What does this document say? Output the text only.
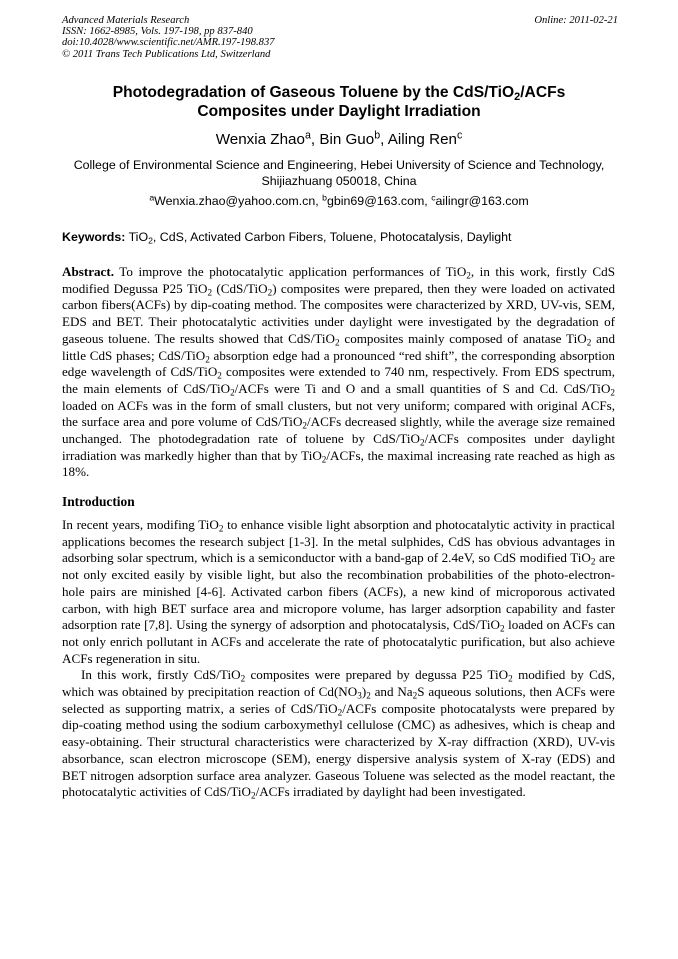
Advanced Materials Research
ISSN: 1662-8985, Vols. 197-198, pp 837-840
doi:10.4028/www.scientific.net/AMR.197-198.837
© 2011 Trans Tech Publications Ltd, Switzerland
Online: 2011-02-21
Photodegradation of Gaseous Toluene by the CdS/TiO$_2$/ACFs
Composites under Daylight Irradiation
Wenxia Zhao$^a$, Bin Guo$^b$, Ailing Ren$^c$
College of Environmental Science and Engineering, Hebei University of Science and Technology,
Shijiazhuang 050018, China
$^a$Wenxia.zhao@yahoo.com.cn, $^b$gbin69@163.com, $^c$ailingr@163.com
Keywords: TiO$_2$, CdS, Activated Carbon Fibers, Toluene, Photocatalysis, Daylight
Abstract. To improve the photocatalytic application performances of TiO$_2$, in this work, firstly CdS modified Degussa P25 TiO$_2$ (CdS/TiO$_2$) composites were prepared, then they were loaded on activated carbon fibers(ACFs) by dip-coating method. The composites were characterized by XRD, UV-vis, SEM, EDS and BET. Their photocatalytic activities under daylight were investigated by the degradation of gaseous toluene. The results showed that CdS/TiO$_2$ composites mainly composed of anatase TiO$_2$ and little CdS phases; CdS/TiO$_2$ absorption edge had a pronounced “red shift”, the corresponding absorption edge wavelength of CdS/TiO$_2$ composites were extended to 740 nm, respectively. From EDS spectrum, the main elements of CdS/TiO$_2$/ACFs were Ti and O and a small quantities of S and Cd. CdS/TiO$_2$ loaded on ACFs was in the form of small clusters, but not very uniform; compared with original ACFs, the surface area and pore volume of CdS/TiO$_2$/ACFs decreased slightly, while the average size remained unchanged. The photodegradation rate of toluene by CdS/TiO$_2$/ACFs composites under daylight irradiation was markedly higher than that by TiO$_2$/ACFs, the maximal increasing rate reached as high as 18%.
Introduction

In recent years, modifing TiO$_2$ to enhance visible light absorption and photocatalytic activity in practical applications becomes the research subject [1-3]. In the metal sulphides, CdS has obvious advantages in adsorbing solar spectrum, which is a semiconductor with a band-gap of 2.4eV, so CdS modified TiO$_2$ are not only excited easily by visible light, but also the recombination probabilities of the photo-electron-hole pairs are minished [4-6]. Activated carbon fibers (ACFs), a new kind of microporous activated carbon, with high BET surface area and micropore volume, has larger adsorption capability and faster adsorption rate [7,8]. Using the synergy of adsorption and photocatalysis, CdS/TiO$_2$ loaded on ACFs can not only enrich pollutant in ACFs and accelerate the rate of photocatalytic purification, but also achieve ACFs regeneration in situ.

In this work, firstly CdS/TiO$_2$ composites were prepared by degussa P25 TiO$_2$ modified by CdS, which was obtained by precipitation reaction of $Cd(NO_3)_2$ and $Na_2S$ aqueous solutions, then ACFs were selected as supporting matrix, a series of CdS/TiO$_2$/ACFs composite photocatalysts were prepared by dip-coating method using the sodium carboxymethyl cellulose (CMC) as adhesives, which is cheap and easy-obtaining. Their structural characteristics were characterized by X-ray diffraction (XRD), UV-vis absorbance, scan electron microscope (SEM), energy dispersive analysis system of X-ray (EDS) and BET nitrogen adsorption surface area analyzer. Gaseous Toluene was selected as the model reactant, the photocatalytic activities of CdS/TiO$_2$/ACFs irradiated by daylight had been investigated.
